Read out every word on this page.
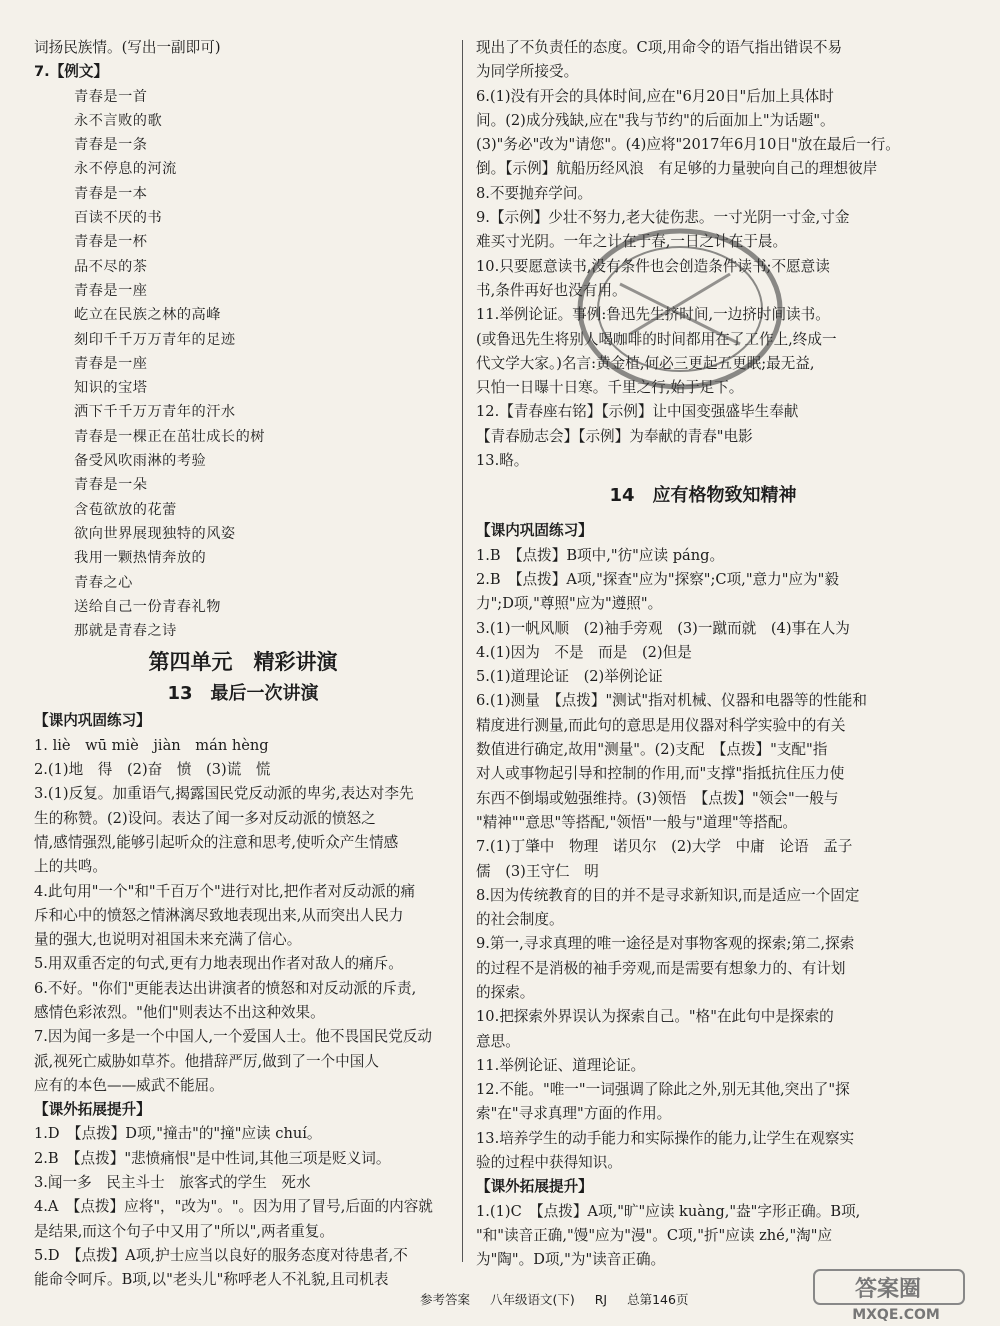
词扬民族情。(写出一副即可)
7.【例文】
青春是一首
永不言败的歌
青春是一条
永不停息的河流
青春是一本
百读不厌的书
青春是一杯
品不尽的茶
青春是一座
屹立在民族之林的高峰
刻印千千万万青年的足迹
青春是一座
知识的宝塔
洒下千千万万青年的汗水
青春是一棵正在茁壮成长的树
备受风吹雨淋的考验
青春是一朵
含苞欲放的花蕾
欲向世界展现独特的风姿
我用一颗热情奔放的
青春之心
送给自己一份青春礼物
那就是青春之诗
第四单元　精彩讲演
13　最后一次讲演
【课内巩固练习】
1. liè　wū miè　jiàn　mán hèng
2.(1)地　得　(2)奋　愤　(3)谎　慌
3.(1)反复。加重语气,揭露国民党反动派的卑劣,表达对李先
生的称赞。(2)设问。表达了闻一多对反动派的愤怒之
情,感情强烈,能够引起听众的注意和思考,使听众产生情感
上的共鸣。
4.此句用"一个"和"千百万个"进行对比,把作者对反动派的痛
斥和心中的愤怒之情淋漓尽致地表现出来,从而突出人民力
量的强大,也说明对祖国未来充满了信心。
5.用双重否定的句式,更有力地表现出作者对敌人的痛斥。
6.不好。"你们"更能表达出讲演者的愤怒和对反动派的斥责,
感情色彩浓烈。"他们"则表达不出这种效果。
7.因为闻一多是一个中国人,一个爱国人士。他不畏国民党反动
派,视死亡威胁如草芥。他措辞严厉,做到了一个中国人
应有的本色——威武不能屈。
【课外拓展提升】
1.D　【点拨】D项,"撞击"的"撞"应读 chuí。
2.B　【点拨】"悲愤痛恨"是中性词,其他三项是贬义词。
3.闻一多　民主斗士　旅客式的学生　死水
4.A　【点拨】应将"，"改为"。"。因为用了冒号,后面的内容就
是结果,而这个句子中又用了"所以",两者重复。
5.D　【点拨】A项,护士应当以良好的服务态度对待患者,不
能命令呵斥。B项,以"老头儿"称呼老人不礼貌,且司机表
现出了不负责任的态度。C项,用命令的语气指出错误不易
为同学所接受。
6.(1)没有开会的具体时间,应在"6月20日"后加上具体时
间。(2)成分残缺,应在"我与节约"的后面加上"为话题"。
(3)"务必"改为"请您"。(4)应将"2017年6月10日"放在最后一行。
倒。【示例】航船历经风浪　有足够的力量驶向自己的理想彼岸
8.不要抛弃学问。
9.【示例】少壮不努力,老大徒伤悲。一寸光阴一寸金,寸金
难买寸光阴。一年之计在于春,一日之计在于晨。
10.只要愿意读书,没有条件也会创造条件读书;不愿意读
书,条件再好也没有用。
11.举例论证。事例:鲁迅先生挤时间,一边挤时间读书。
(或鲁迅先生将别人喝咖啡的时间都用在了工作上,终成一
代文学大家。)名言:黄金植,何必三更起五更眠;最无益,
只怕一日曝十日寒。千里之行,始于足下。
12.【青春座右铭】【示例】让中国变强盛毕生奉献
【青春励志会】【示例】为奉献的青春"电影
13.略。
14　应有格物致知精神
【课内巩固练习】
1.B　【点拨】B项中,"彷"应读 páng。
2.B　【点拨】A项,"探查"应为"探察";C项,"意力"应为"毅
力";D项,"尊照"应为"遵照"。
3.(1)一帆风顺　(2)袖手旁观　(3)一蹴而就　(4)事在人为
4.(1)因为　不是　而是　(2)但是
5.(1)道理论证　(2)举例论证
6.(1)测量　【点拨】"测试"指对机械、仪器和电器等的性能和
精度进行测量,而此句的意思是用仪器对科学实验中的有关
数值进行确定,故用"测量"。(2)支配　【点拨】"支配"指
对人或事物起引导和控制的作用,而"支撑"指抵抗住压力使
东西不倒塌或勉强维持。(3)领悟　【点拨】"领会"一般与
"精神""意思"等搭配,"领悟"一般与"道理"等搭配。
7.(1)丁肇中　物理　诺贝尔　(2)大学　中庸　论语　孟子
儒　(3)王守仁　明
8.因为传统教育的目的并不是寻求新知识,而是适应一个固定
的社会制度。
9.第一,寻求真理的唯一途径是对事物客观的探索;第二,探索
的过程不是消极的袖手旁观,而是需要有想象力的、有计划
的探索。
10.把探索外界误认为探索自己。"格"在此句中是探索的
意思。
11.举例论证、道理论证。
12.不能。"唯一"一词强调了除此之外,别无其他,突出了"探
索"在"寻求真理"方面的作用。
13.培养学生的动手能力和实际操作的能力,让学生在观察实
验的过程中获得知识。
【课外拓展提升】
1.(1)C　【点拨】A项,"旷"应读 kuàng,"盎"字形正确。B项,
"和"读音正确,"馒"应为"漫"。C项,"折"应读 zhé,"淘"应
为"陶"。D项,"为"读音正确。
参考答案 八年级语文(下) RJ 总第146页	答案圈
MXQE.COM
